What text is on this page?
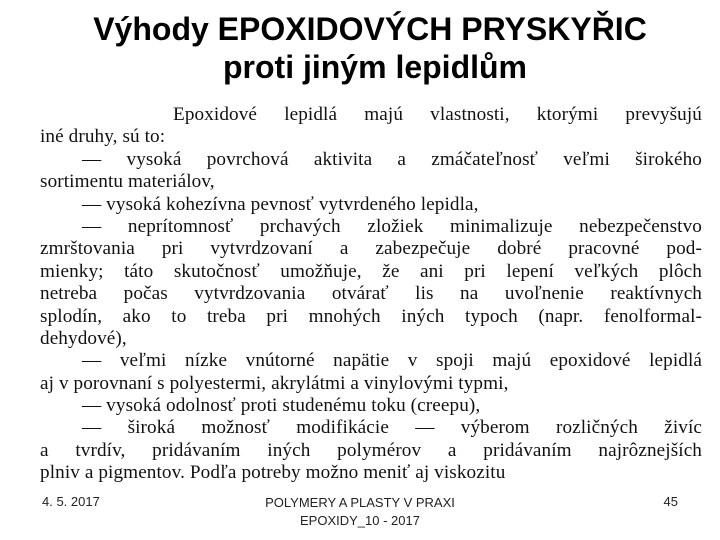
Výhody EPOXIDOVÝCH PRYSKYŘIC
proti jiným lepidlům
Epoxidové lepidlá majú vlastnosti, ktorými prevyšujú
iné druhy, sú to:
— vysoká povrchová aktivita a zmáčateľnosť veľmi širokého
sortimentu materiálov,
— vysoká kohezívna pevnosť vytvrdeného lepidla,
— neprítomnosť prchavých zložiek minimalizuje nebezpečenstvo
zmrštovania pri vytvrdzovaní a zabezpečuje dobré pracovné pod-
mienky; táto skutočnosť umožňuje, že ani pri lepení veľkých plôch
netreba počas vytvrdzovania otvárať lis na uvoľnenie reaktívnych
splodín, ako to treba pri mnohých iných typoch (napr. fenolformal-
dehydové),
— veľmi nízke vnútorné napätie v spoji majú epoxidové lepidlá
aj v porovnaní s polyestermi, akrylátmi a vinylovými typmi,
— vysoká odolnosť proti studenému toku (creepu),
— široká možnosť modifikácie — výberom rozličných živíc
a tvrdív, pridávaním iných polymérov a pridávaním najrôznejších
plniv a pigmentov. Podľa potreby možno meniť aj viskozitu
4. 5. 2017	POLYMERY A PLASTY V PRAXI
EPOXIDY_10 - 2017
45
